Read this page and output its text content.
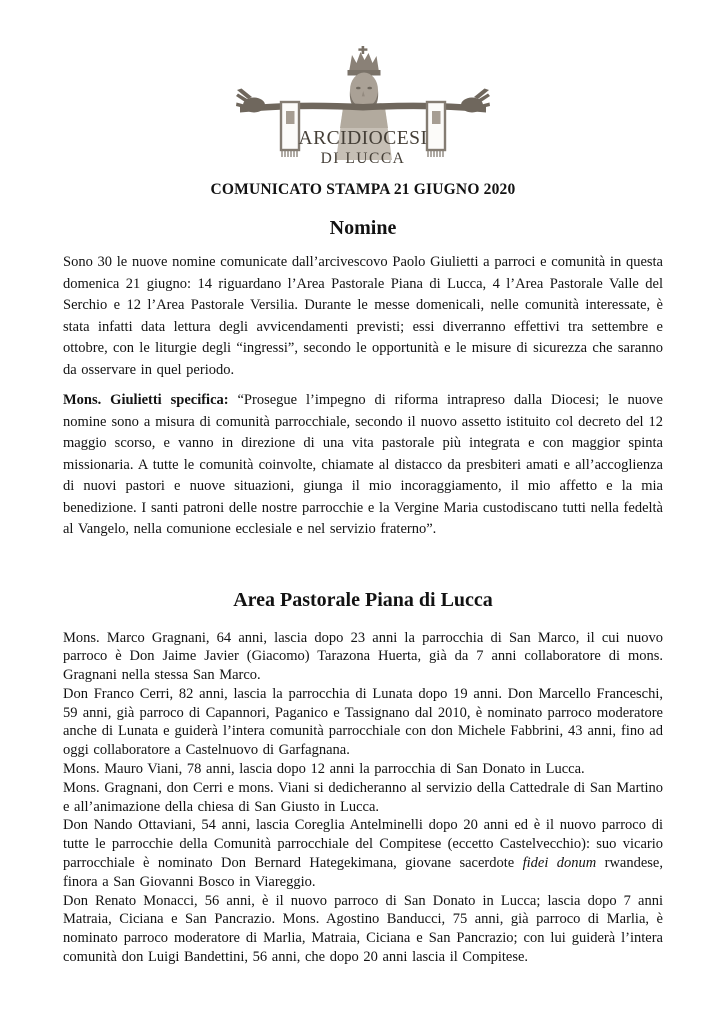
ARCIDIOCESI
DI LUCCA
COMUNICATO STAMPA 21 GIUGNO 2020
Nomine

Sono 30 le nuove nomine comunicate dall’arcivescovo Paolo Giulietti a parroci e comunità in questa domenica 21 giugno: 14 riguardano l’Area Pastorale Piana di Lucca, 4 l’Area Pastorale Valle del Serchio e 12 l’Area Pastorale Versilia. Durante le messe domenicali, nelle comunità interessate, è stata infatti data lettura degli avvicendamenti previsti; essi diverranno effettivi tra settembre e ottobre, con le liturgie degli “ingressi”, secondo le opportunità e le misure di sicurezza che saranno da osservare in quel periodo.

Mons. Giulietti specifica: “Prosegue l’impegno di riforma intrapreso dalla Diocesi; le nuove nomine sono a misura di comunità parrocchiale, secondo il nuovo assetto istituito col decreto del 12 maggio scorso, e vanno in direzione di una vita pastorale più integrata e con maggior spinta missionaria. A tutte le comunità coinvolte, chiamate al distacco da presbiteri amati e all’accoglienza di nuovi pastori e nuove situazioni, giunga il mio incoraggiamento, il mio affetto e la mia benedizione. I santi patroni delle nostre parrocchie e la Vergine Maria custodiscano tutti nella fedeltà al Vangelo, nella comunione ecclesiale e nel servizio fraterno”.

Area Pastorale Piana di Lucca

Mons. Marco Gragnani, 64 anni, lascia dopo 23 anni la parrocchia di San Marco, il cui nuovo parroco è Don Jaime Javier (Giacomo) Tarazona Huerta, già da 7 anni collaboratore di mons. Gragnani nella stessa San Marco.

Don Franco Cerri, 82 anni, lascia la parrocchia di Lunata dopo 19 anni. Don Marcello Franceschi, 59 anni, già parroco di Capannori, Paganico e Tassignano dal 2010, è nominato parroco moderatore anche di Lunata e guiderà l’intera comunità parrocchiale con don Michele Fabbrini, 43 anni, fino ad oggi collaboratore a Castelnuovo di Garfagnana.

Mons. Mauro Viani, 78 anni, lascia dopo 12 anni la parrocchia di San Donato in Lucca.

Mons. Gragnani, don Cerri e mons. Viani si dedicheranno al servizio della Cattedrale di San Martino e all’animazione della chiesa di San Giusto in Lucca.

Don Nando Ottaviani, 54 anni, lascia Coreglia Antelminelli dopo 20 anni ed è il nuovo parroco di tutte le parrocchie della Comunità parrocchiale del Compitese (eccetto Castelvecchio): suo vicario parrocchiale è nominato Don Bernard Hategekimana, giovane sacerdote fidei donum rwandese, finora a San Giovanni Bosco in Viareggio.

Don Renato Monacci, 56 anni, è il nuovo parroco di San Donato in Lucca; lascia dopo 7 anni Matraia, Ciciana e San Pancrazio. Mons. Agostino Banducci, 75 anni, già parroco di Marlia, è nominato parroco moderatore di Marlia, Matraia, Ciciana e San Pancrazio; con lui guiderà l’intera comunità don Luigi Bandettini, 56 anni, che dopo 20 anni lascia il Compitese.
